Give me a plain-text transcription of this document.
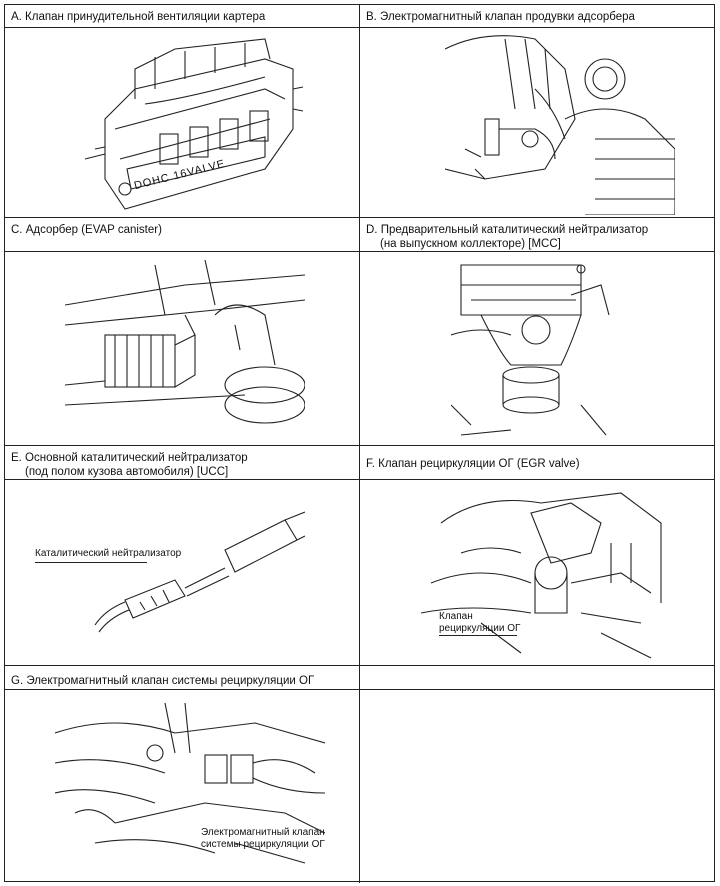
A. Клапан принудительной вентиляции картера
DOHC 16VALVE
B. Электромагнитный клапан продувки адсорбера
C. Адсорбер (EVAP canister)	D. Предварительный каталитический нейтрализатор
(на выпускном коллекторе) [MCC]
E. Основной каталитический нейтрализатор
(под полом кузова автомобиля) [UCC]
Каталитический нейтрализатор
F. Клапан рециркуляции ОГ (EGR valve)
Клапан
рециркуляции ОГ
G. Электромагнитный клапан системы рециркуляции ОГ
Электромагнитный клапан
системы рециркуляции ОГ
